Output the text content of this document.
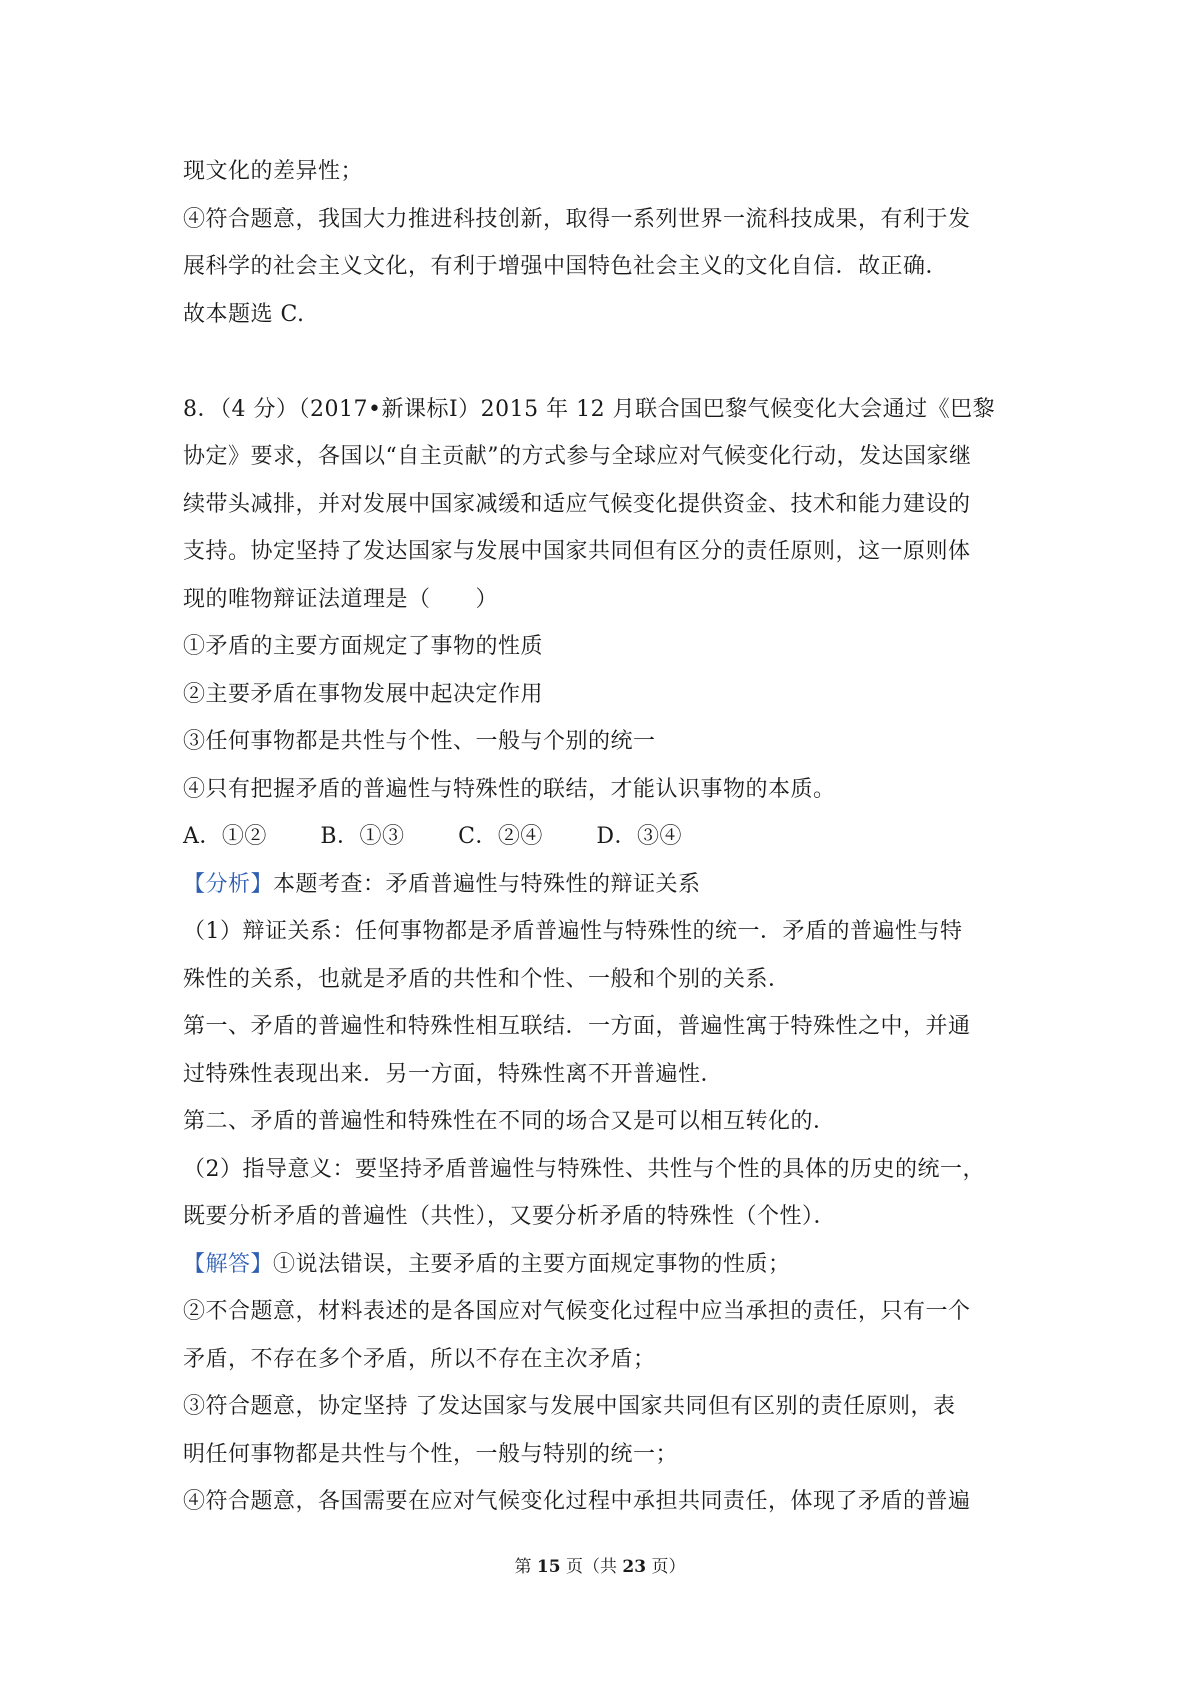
现文化的差异性；
④符合题意，我国大力推进科技创新，取得一系列世界一流科技成果，有利于发
展科学的社会主义文化，有利于增强中国特色社会主义的文化自信．故正确．
故本题选 C.
8．（4 分）（2017•新课标Ⅰ）2015 年 12 月联合国巴黎气候变化大会通过《巴黎
协定》要求，各国以“自主贡献”的方式参与全球应对气候变化行动，发达国家继
续带头减排，并对发展中国家减缓和适应气候变化提供资金、技术和能力建设的
支持。协定坚持了发达国家与发展中国家共同但有区分的责任原则，这一原则体
现的唯物辩证法道理是（　　）
①矛盾的主要方面规定了事物的性质
②主要矛盾在事物发展中起决定作用
③任何事物都是共性与个性、一般与个别的统一
④只有把握矛盾的普遍性与特殊性的联结，才能认识事物的本质。
A．①② B．①③ C．②④ D．③④
【分析】本题考查：矛盾普遍性与特殊性的辩证关系
（1）辩证关系：任何事物都是矛盾普遍性与特殊性的统一．矛盾的普遍性与特
殊性的关系，也就是矛盾的共性和个性、一般和个别的关系．
第一、矛盾的普遍性和特殊性相互联结．一方面，普遍性寓于特殊性之中，并通
过特殊性表现出来．另一方面，特殊性离不开普遍性．
第二、矛盾的普遍性和特殊性在不同的场合又是可以相互转化的．
（2）指导意义：要坚持矛盾普遍性与特殊性、共性与个性的具体的历史的统一，
既要分析矛盾的普遍性（共性），又要分析矛盾的特殊性（个性）．
【解答】①说法错误，主要矛盾的主要方面规定事物的性质；
②不合题意，材料表述的是各国应对气候变化过程中应当承担的责任，只有一个
矛盾，不存在多个矛盾，所以不存在主次矛盾；
③符合题意，协定坚持 了发达国家与发展中国家共同但有区别的责任原则，表
明任何事物都是共性与个性，一般与特别的统一；
④符合题意，各国需要在应对气候变化过程中承担共同责任，体现了矛盾的普遍
第 15 页（共 23 页）
